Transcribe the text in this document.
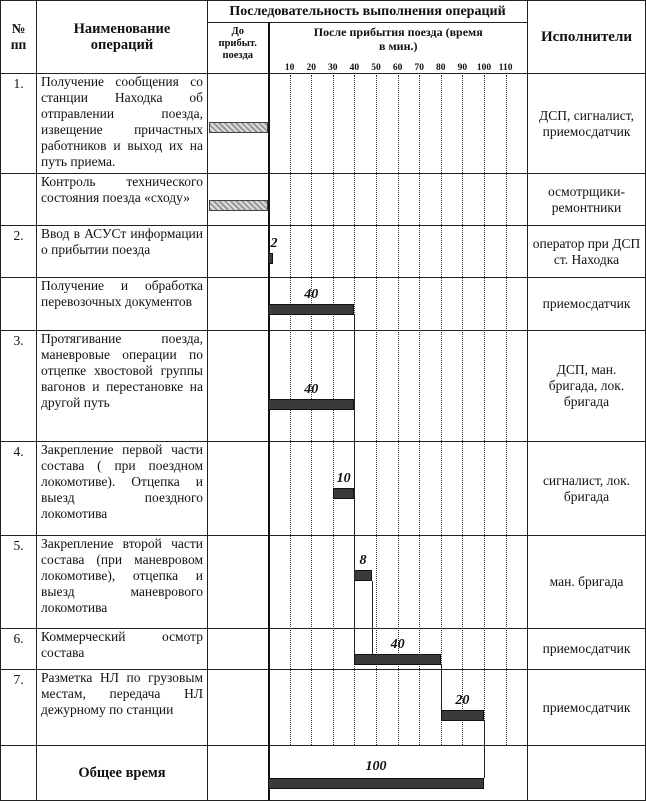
№ пп	Наименование операций	Последовательность выполнения операций		Исполнители
		До прибыт. поезда	После прибытия поезда (время в мин.)	
1.	Получение сообщения со станции Находка об отправлении поезда, извещение причастных работников и выход их на путь приема.			ДСП, сигналист, приемосдатчик
	Контроль технического состояния поезда «сходу»			осмотрщики-ремонтники
2.	Ввод в АСУСт информации о прибытии поезда			оператор при ДСП ст. Находка
	Получение и обработка перевозочных документов			приемосдатчик
3.	Протягивание поезда, маневровые операции по отцепке хвостовой группы вагонов и перестановке на другой путь			ДСП, ман. бригада, лок. бригада
4.	Закрепление первой части состава ( при поездном локомотиве). Отцепка и выезд поездного локомотива			сигналист, лок. бригада
5.	Закрепление второй части состава (при маневровом локомотиве), отцепка и выезд маневрового локомотива			ман. бригада
6.	Коммерческий осмотр состава			приемосдатчик
7.	Разметка НЛ по грузовым местам, передача НЛ дежурному по станции			приемосдатчик
	Общее время			
10 20 30 40 50 60 70 80 90 100 110
2
40
40
10
8
40
20
100
